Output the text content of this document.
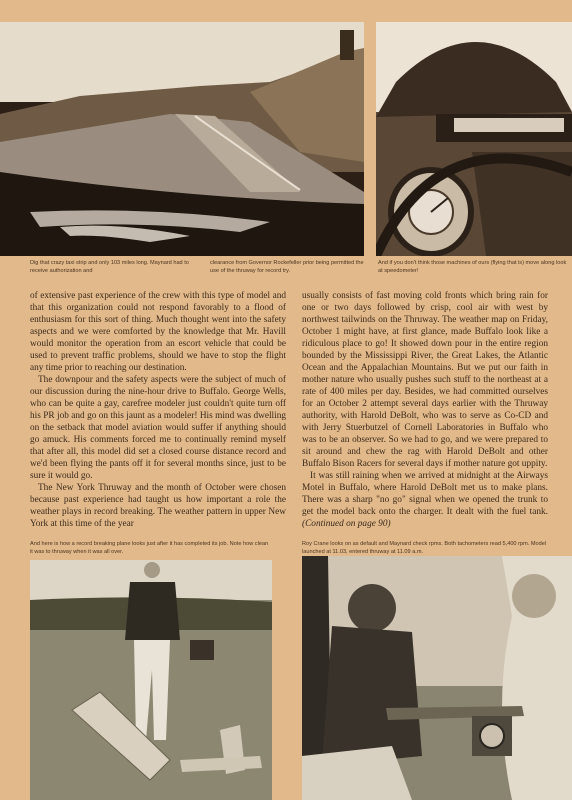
Dig that crazy taxi strip and only 103 miles long. Maynard had to receive authorization and
clearance from Governor Rockefeller prior being permitted the use of the thruway for record try.
And if you don't think those machines of ours (flying that is) move along look at speedometer!

of extensive past experience of the crew with this type of model and that this organization could not respond favorably to a flood of enthusiasm for this sort of thing. Much thought went into the safety aspects and we were comforted by the knowledge that Mr. Havill would monitor the operation from an escort vehicle that could be used to prevent traffic problems, should we have to stop the flight any time prior to reaching our destination.

The downpour and the safety aspects were the subject of much of our discussion during the nine-hour drive to Buffalo. George Wells, who can be quite a gay, carefree modeler just couldn't quite turn off his PR job and go on this jaunt as a modeler! His mind was dwelling on the setback that model aviation would suffer if anything should go amuck. His comments forced me to continually remind myself that after all, this model did set a closed course distance record and we'd been flying the pants off it for several months since, just to be sure it would go.

The New York Thruway and the month of October were chosen because past experience had taught us how important a role the weather plays in record breaking. The weather pattern in upper New York at this time of the year

usually consists of fast moving cold fronts which bring rain for one or two days followed by crisp, cool air with west by northwest tailwinds on the Thruway. The weather map on Friday, October 1 might have, at first glance, made Buffalo look like a ridiculous place to go! It showed down pour in the entire region bounded by the Mississippi River, the Great Lakes, the Atlantic Ocean and the Appalachian Mountains. But we put our faith in mother nature who usually pushes such stuff to the northeast at a rate of 400 miles per day. Besides, we had committed ourselves for an October 2 attempt several days earlier with the Thruway authority, with Harold DeBolt, who was to serve as Co-CD and with Jerry Stuerbutzel of Cornell Laboratories in Buffalo who was to be an observer. So we had to go, and we were prepared to sit around and chew the rag with Harold DeBolt and other Buffalo Bison Racers for several days if mother nature got uppity.

It was still raining when we arrived at midnight at the Airways Motel in Buffalo, where Harold DeBolt met us to make plans. There was a sharp "no go" signal when we opened the trunk to get the model back onto the charger. It dealt with the fuel tank. (Continued on page 90)

And here is how a record breaking plane looks just after it has completed its job. Note how clean it was to thruway when it was all over.
Roy Crane looks on as default and Maynard check rpms. Both tachometers read 5,400 rpm. Model launched at 11.03, entered thruway at 11.09 a.m.
